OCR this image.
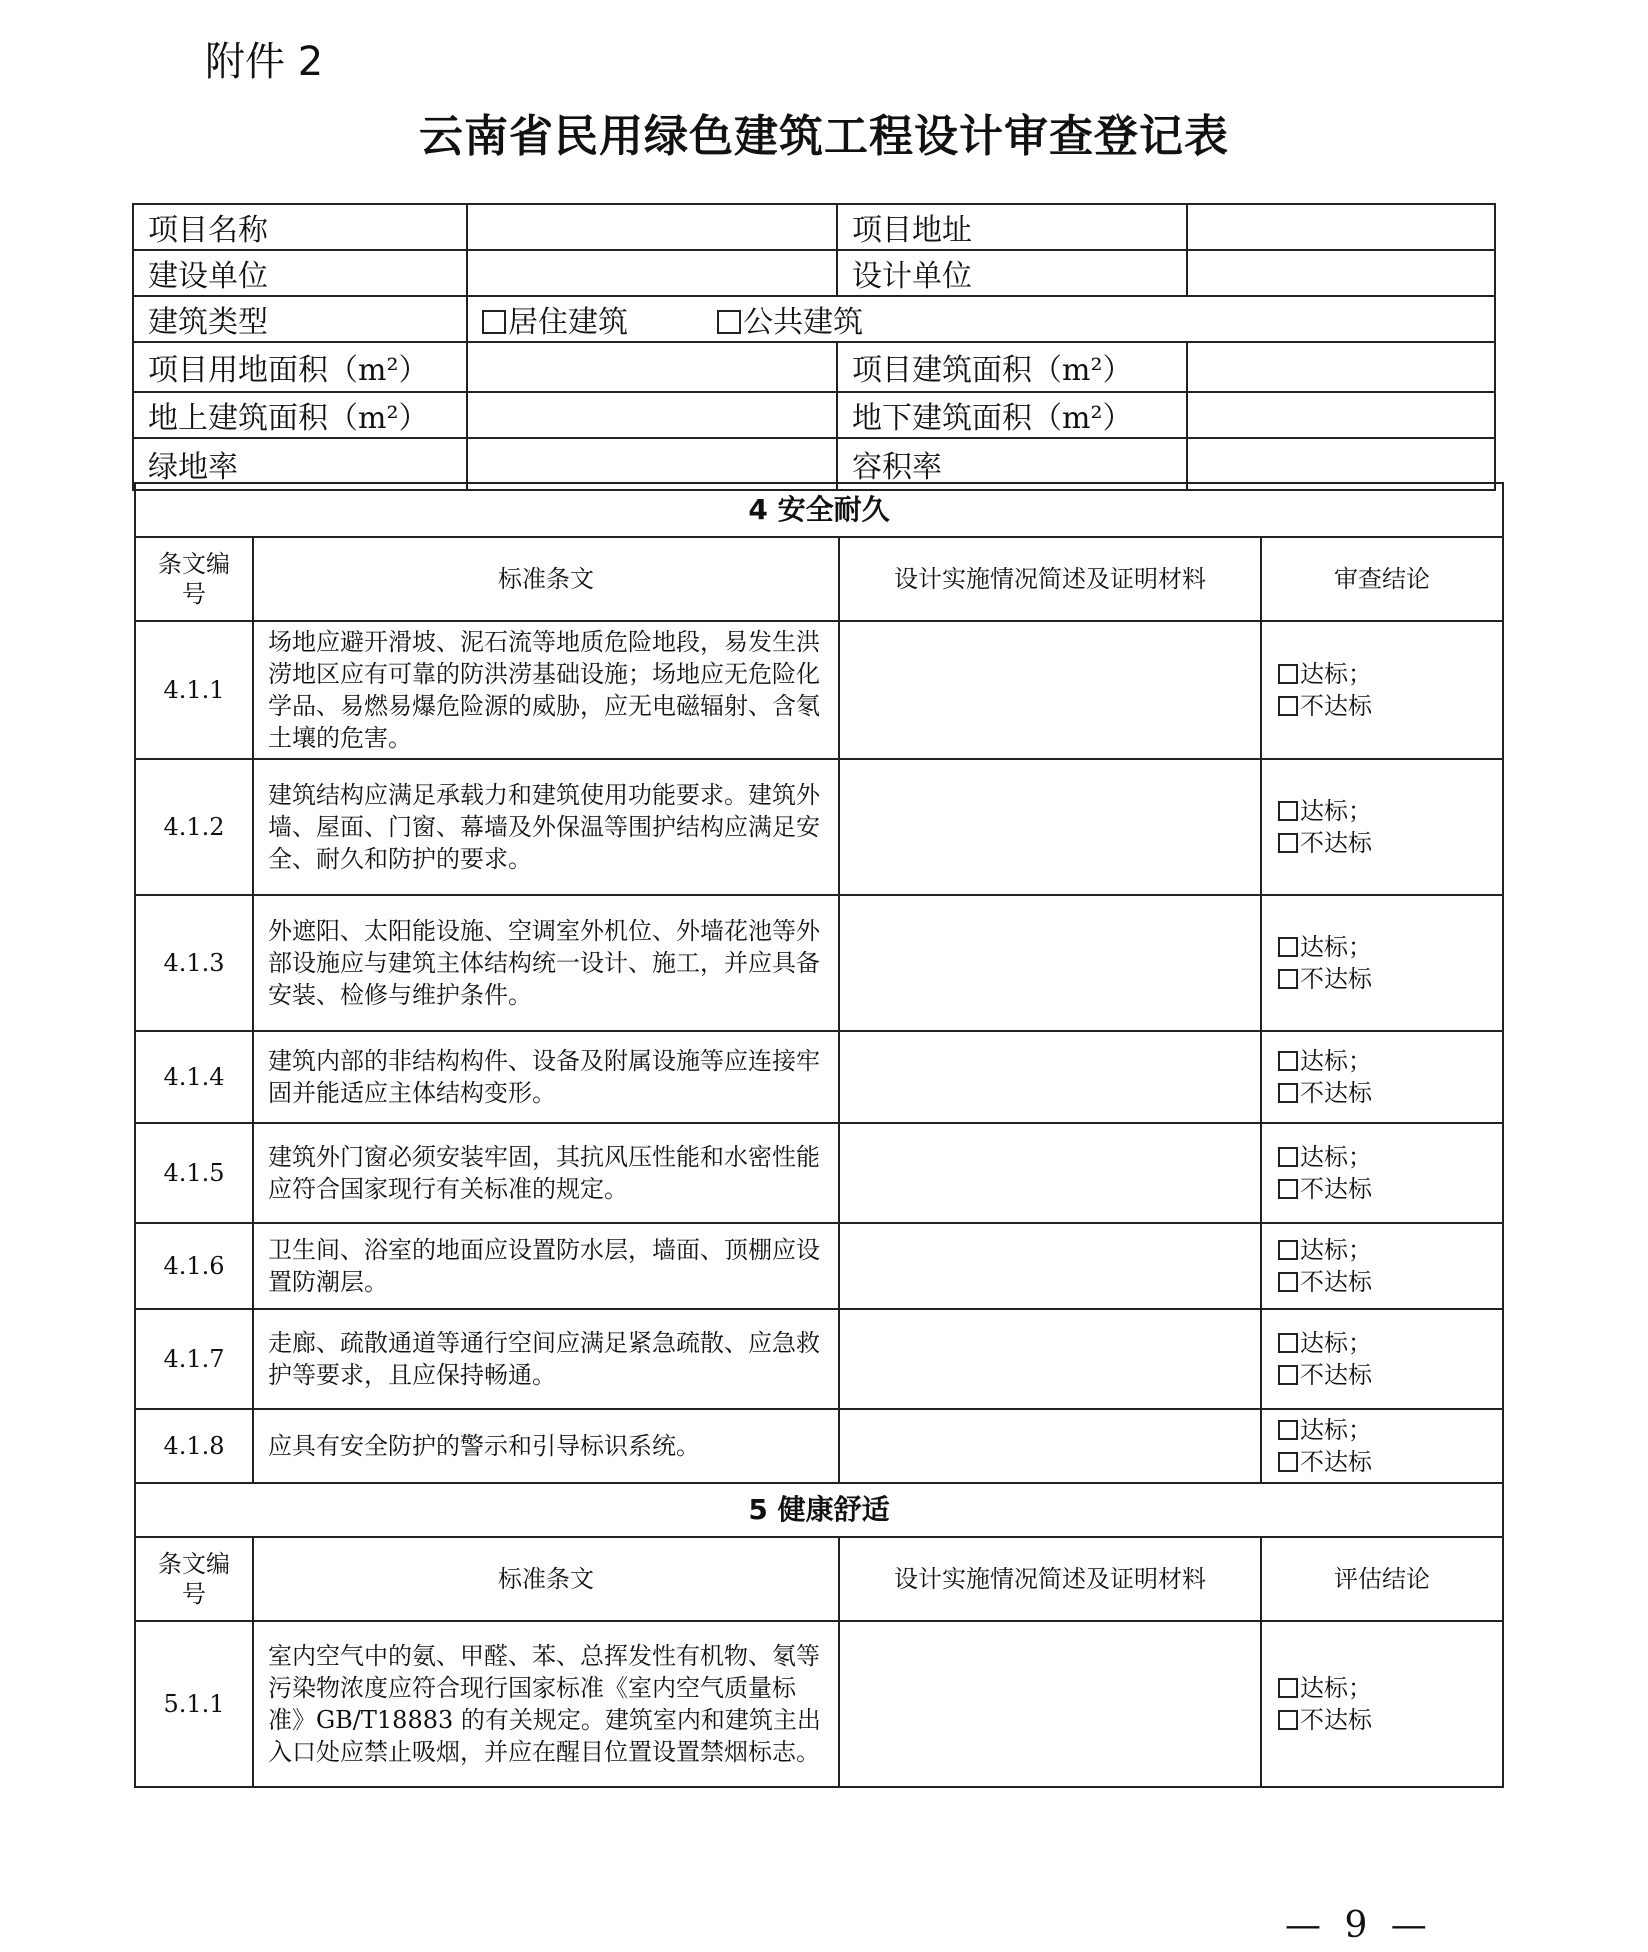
附件 2
云南省民用绿色建筑工程设计审查登记表
项目名称		项目地址	
建设单位		设计单位	
建筑类型	居住建筑 公共建筑		
项目用地面积（m²）		项目建筑面积（m²）	
地上建筑面积（m²）		地下建筑面积（m²）	
绿地率		容积率	
4 安全耐久			
条文编号	标准条文	设计实施情况简述及证明材料	审查结论
4.1.1	场地应避开滑坡、泥石流等地质危险地段，易发生洪涝地区应有可靠的防洪涝基础设施；场地应无危险化学品、易燃易爆危险源的威胁，应无电磁辐射、含氡土壤的危害。		达标；
不达标

4.1.2	建筑结构应满足承载力和建筑使用功能要求。建筑外墙、屋面、门窗、幕墙及外保温等围护结构应满足安全、耐久和防护的要求。		达标；
不达标

4.1.3	外遮阳、太阳能设施、空调室外机位、外墙花池等外部设施应与建筑主体结构统一设计、施工，并应具备安装、检修与维护条件。		达标；
不达标

4.1.4	建筑内部的非结构构件、设备及附属设施等应连接牢固并能适应主体结构变形。		达标；
不达标

4.1.5	建筑外门窗必须安装牢固，其抗风压性能和水密性能应符合国家现行有关标准的规定。		达标；
不达标

4.1.6	卫生间、浴室的地面应设置防水层，墙面、顶棚应设置防潮层。		达标；
不达标

4.1.7	走廊、疏散通道等通行空间应满足紧急疏散、应急救护等要求，且应保持畅通。		达标；
不达标

4.1.8	应具有安全防护的警示和引导标识系统。		达标；
不达标

5 健康舒适			
条文编号	标准条文	设计实施情况简述及证明材料	评估结论
5.1.1	室内空气中的氨、甲醛、苯、总挥发性有机物、氡等污染物浓度应符合现行国家标准《室内空气质量标准》GB/T18883 的有关规定。建筑室内和建筑主出入口处应禁止吸烟，并应在醒目位置设置禁烟标志。		达标；
不达标
— 9 —
